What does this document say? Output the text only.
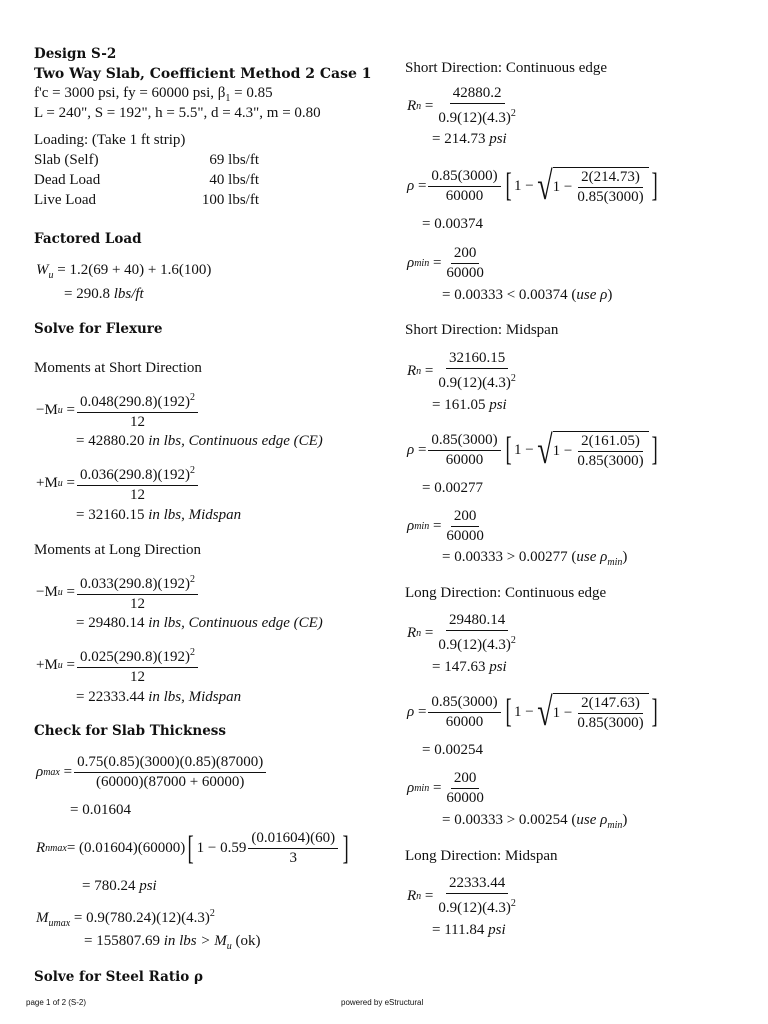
Design S-2
Two Way Slab, Coefficient Method 2 Case 1
f'c = 3000 psi, fy = 60000 psi, $\beta_1 = 0.85$
L = 240", S = 192", h = 5.5", d = 4.3", m = 0.80
Loading: (Take 1 ft strip)
Slab (Self)	69 lbs/ft
Dead Load	40 lbs/ft
Live Load	100 lbs/ft
Factored Load
$W_u = 1.2(69 + 40) + 1.6(100)$
= 290.8 lbs/ft
Solve for Flexure
Moments at Short Direction
−M $u = \frac{0.048(290.8)(192)^2}{12}$
= 42880.20 in lbs, Continuous edge (CE)
+M $u = \frac{0.036(290.8)(192)^2}{12}$
= 32160.15 in lbs, Midspan
Moments at Long Direction
−M $u = \frac{0.033(290.8)(192)^2}{12}$
= 29480.14 in lbs, Continuous edge (CE)
+M $u = \frac{0.025(290.8)(192)^2}{12}$
= 22333.44 in lbs, Midspan
Check for Slab Thickness
ρ $\max = \frac{0.75(0.85)(3000)(0.85)(87000)}{(60000)(87000 + 60000)}$
= 0.01604
R nmax = (0.01604)(60000) [ $1 - 0.59 \frac{(0.01604)(60)}{3}$ ]
= 780.24 psi
$M_{umax} = 0.9(780.24)(12)(4.3)^2$
= 155807.69 in lbs > $M_u$ (ok)
Solve for Steel Ratio ρ
Short Direction: Continuous edge
R $n = \frac{42880.2}{0.9(12)(4.3)^2}$
= 214.73 psi
$\rho = \frac{0.85(3000)}{60000}$ [ 1 − √ $1 - \frac{2(214.73)}{0.85(3000)}$ ]
= 0.00374
ρ $\min = \frac{200}{60000}$
= 0.00333 < 0.00374 (use ρ)
Short Direction: Midspan
R $n = \frac{32160.15}{0.9(12)(4.3)^2}$
= 161.05 psi
$\rho = \frac{0.85(3000)}{60000}$ [ 1 − √ $1 - \frac{2(161.05)}{0.85(3000)}$ ]
= 0.00277
ρ $\min = \frac{200}{60000}$
= 0.00333 > 0.00277 (use $\rho_{min}$)
Long Direction: Continuous edge
R $n = \frac{29480.14}{0.9(12)(4.3)^2}$
= 147.63 psi
$\rho = \frac{0.85(3000)}{60000}$ [ 1 − √ $1 - \frac{2(147.63)}{0.85(3000)}$ ]
= 0.00254
ρ $\min = \frac{200}{60000}$
= 0.00333 > 0.00254 (use $\rho_{min}$)
Long Direction: Midspan
R $n = \frac{22333.44}{0.9(12)(4.3)^2}$
= 111.84 psi
page 1 of 2 (S-2)	powered by eStructural
